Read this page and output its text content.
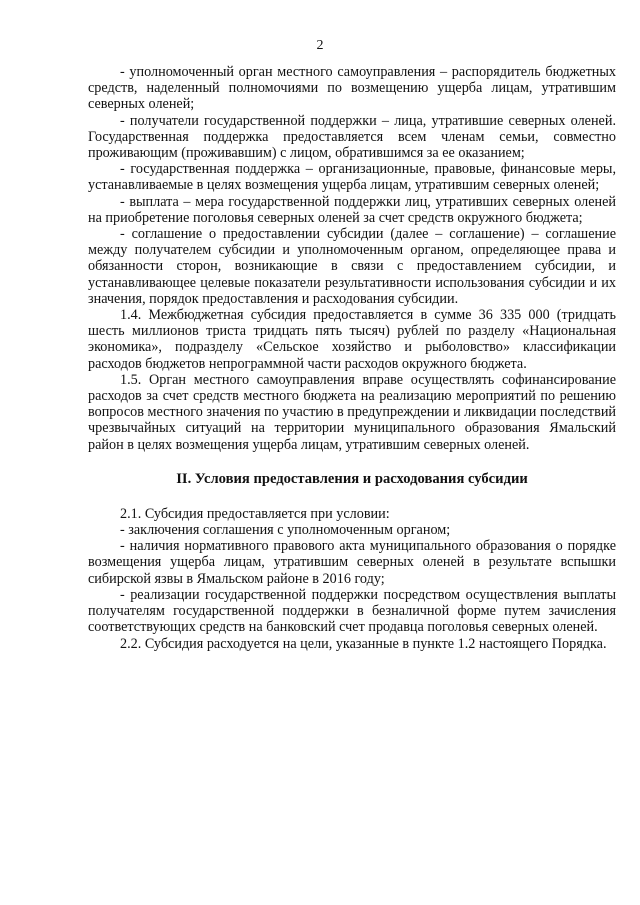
2

- уполномоченный орган местного самоуправления – распорядитель бюджетных средств, наделенный полномочиями по возмещению ущерба лицам, утратившим северных оленей;

- получатели государственной поддержки – лица, утратившие северных оленей. Государственная поддержка предоставляется всем членам семьи, совместно проживающим (проживавшим) с лицом, обратившимся за ее оказанием;

- государственная поддержка – организационные, правовые, финансовые меры, устанавливаемые в целях возмещения ущерба лицам, утратившим северных оленей;

- выплата – мера государственной поддержки лиц, утративших северных оленей на приобретение поголовья северных оленей за счет средств окружного бюджета;

- соглашение о предоставлении субсидии (далее – соглашение) – соглашение между получателем субсидии и уполномоченным органом, определяющее права и обязанности сторон, возникающие в связи с предоставлением субсидии, и устанавливающее целевые показатели результативности использования субсидии и их значения, порядок предоставления и расходования субсидии.

1.4. Межбюджетная субсидия предоставляется в сумме 36 335 000 (тридцать шесть миллионов триста тридцать пять тысяч) рублей по разделу «Национальная экономика», подразделу «Сельское хозяйство и рыболовство» классификации расходов бюджетов непрограммной части расходов окружного бюджета.

1.5. Орган местного самоуправления вправе осуществлять софинансирование расходов за счет средств местного бюджета на реализацию мероприятий по решению вопросов местного значения по участию в предупреждении и ликвидации последствий чрезвычайных ситуаций на территории муниципального образования Ямальский район в целях возмещения ущерба лицам, утратившим северных оленей.

II. Условия предоставления и расходования субсидии

2.1. Субсидия предоставляется при условии:

- заключения соглашения с уполномоченным органом;

- наличия нормативного правового акта муниципального образования о порядке возмещения ущерба лицам, утратившим северных оленей в результате вспышки сибирской язвы в Ямальском районе в 2016 году;

- реализации государственной поддержки посредством осуществления выплаты получателям государственной поддержки в безналичной форме путем зачисления соответствующих средств на банковский счет продавца поголовья северных оленей.

2.2. Субсидия расходуется на цели, указанные в пункте 1.2 настоящего Порядка.
